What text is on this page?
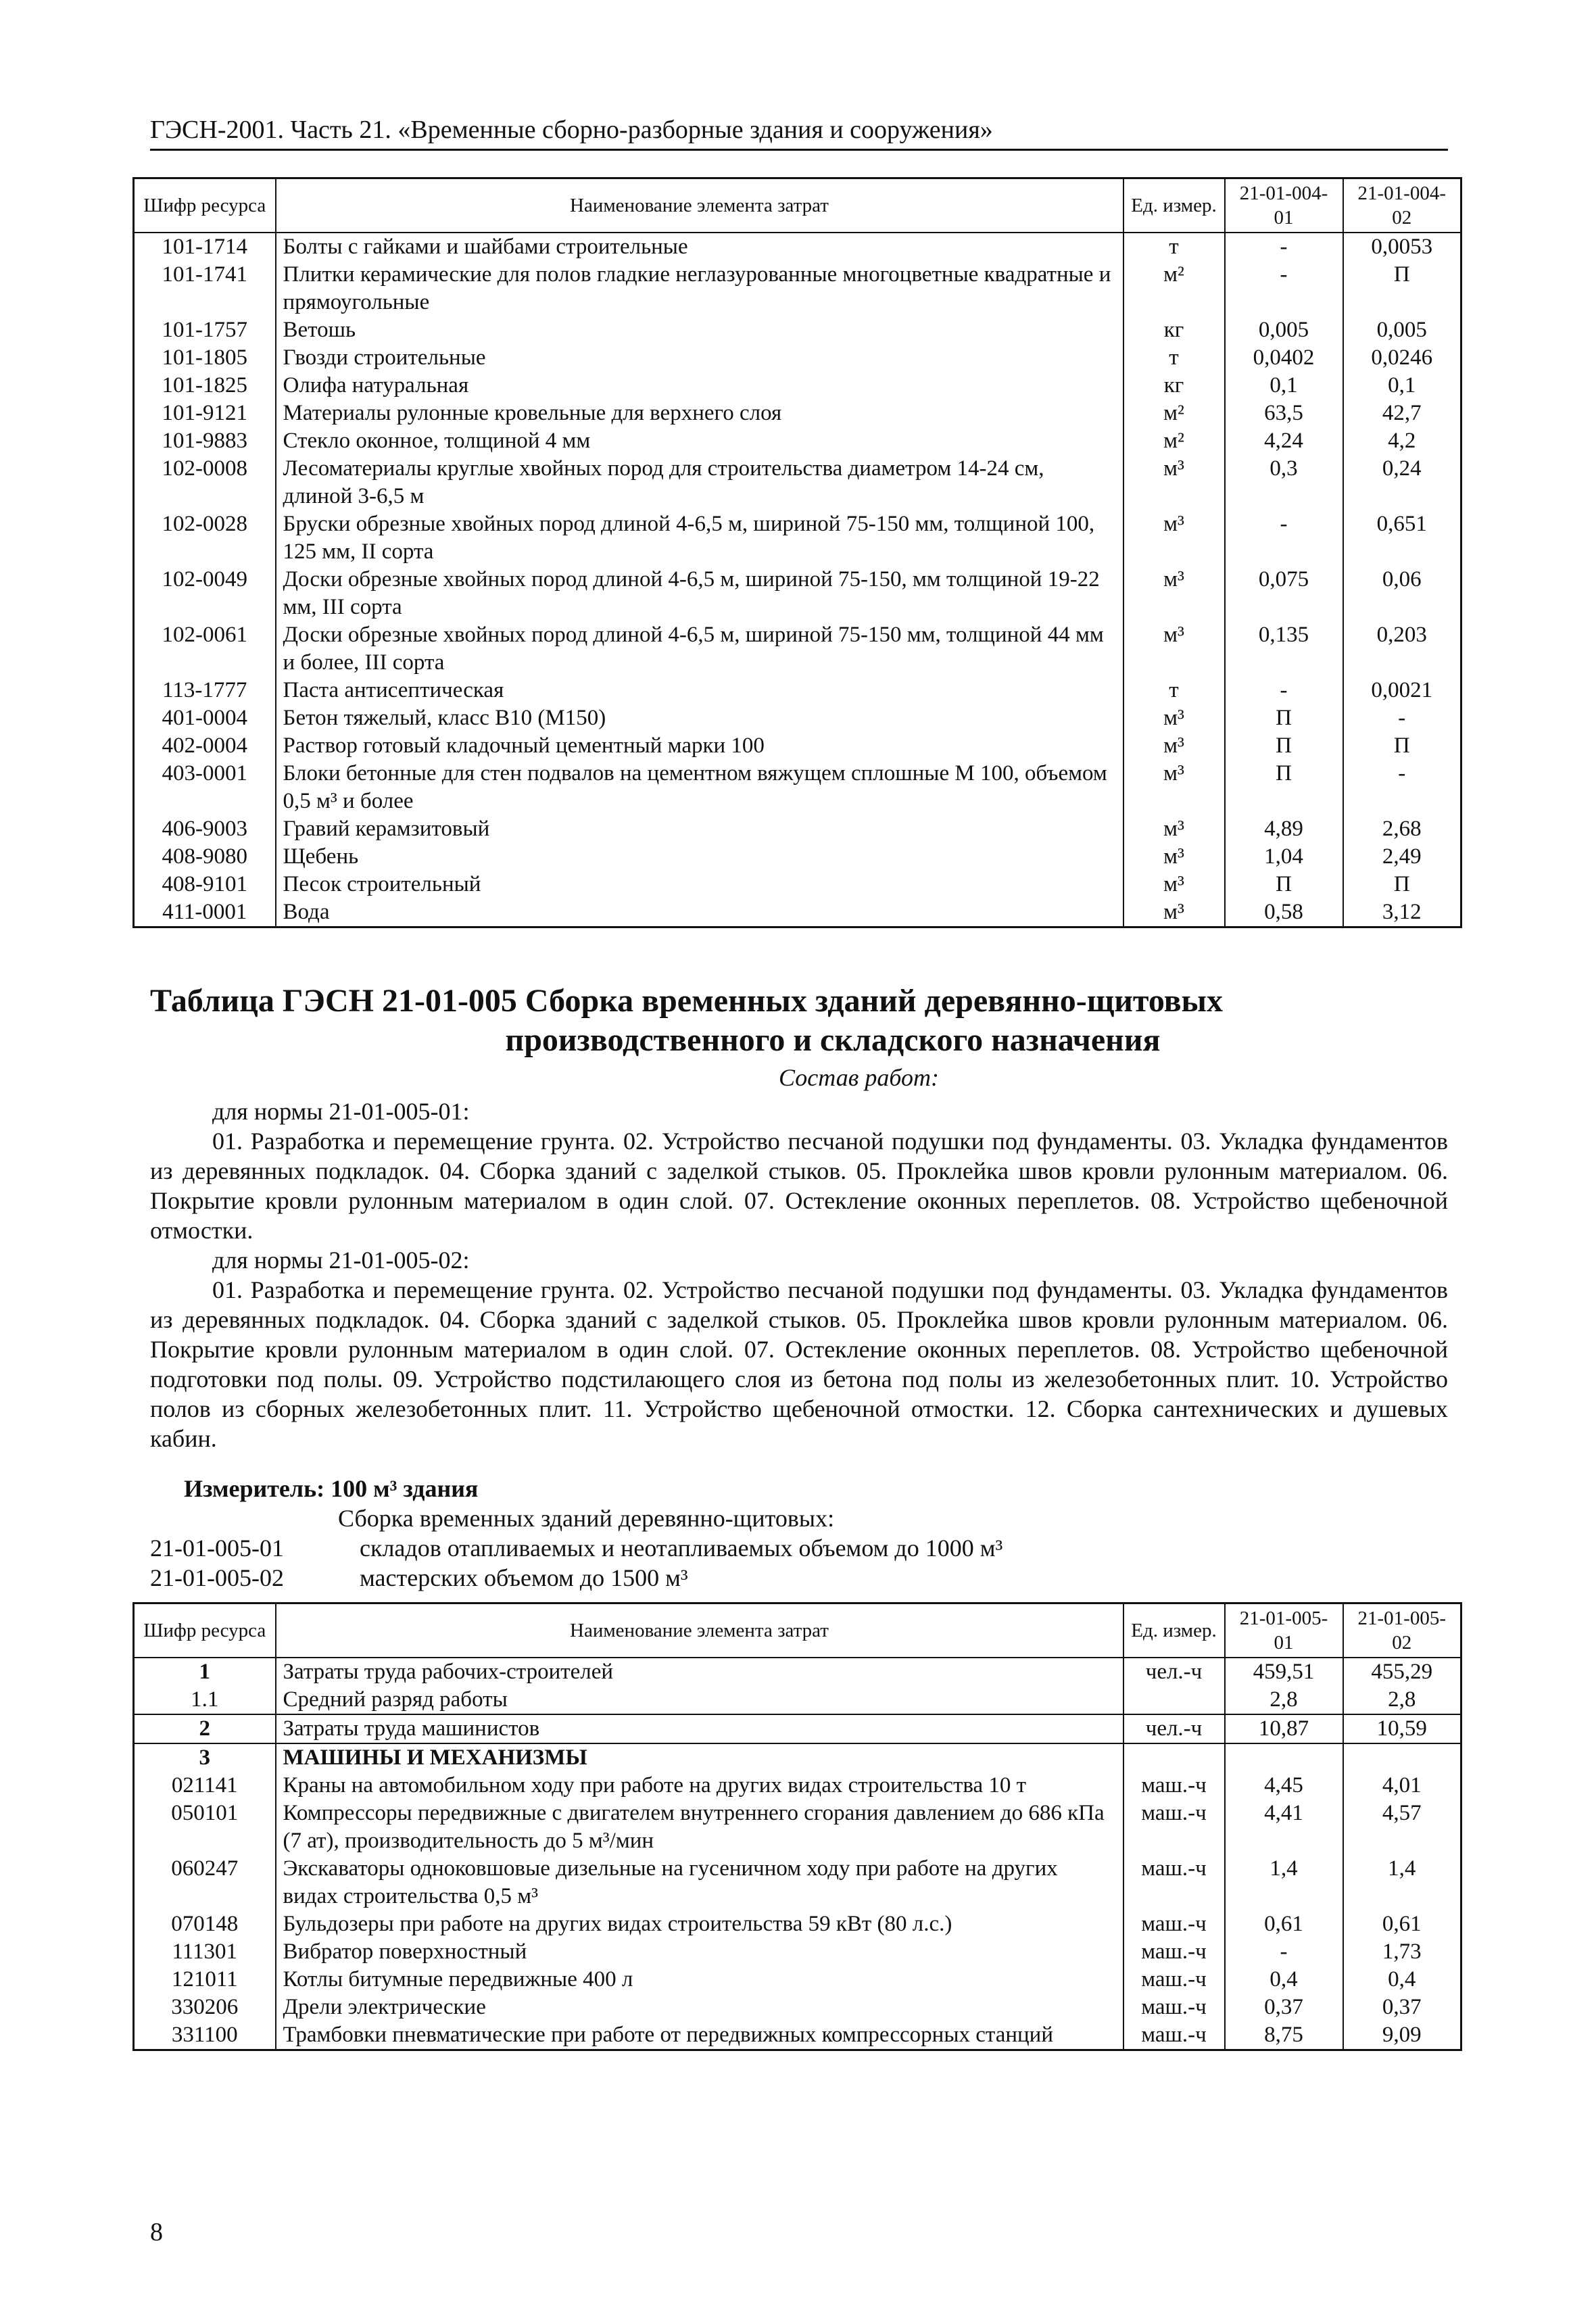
ГЭСН-2001. Часть 21. «Временные сборно-разборные здания и сооружения»
Шифр ресурса	Наименование элемента затрат	Ед. измер.	21-01-004-01	21-01-004-02
101-1714	Болты с гайками и шайбами строительные	т	-	0,0053
101-1741	Плитки керамические для полов гладкие неглазурованные многоцветные квадратные и прямоугольные	м²	-	П
101-1757	Ветошь	кг	0,005	0,005
101-1805	Гвозди строительные	т	0,0402	0,0246
101-1825	Олифа натуральная	кг	0,1	0,1
101-9121	Материалы рулонные кровельные для верхнего слоя	м²	63,5	42,7
101-9883	Стекло оконное, толщиной 4 мм	м²	4,24	4,2
102-0008	Лесоматериалы круглые хвойных пород для строительства диаметром 14-24 см, длиной 3-6,5 м	м³	0,3	0,24
102-0028	Бруски обрезные хвойных пород длиной 4-6,5 м, шириной 75-150 мм, толщиной 100, 125 мм, II сорта	м³	-	0,651
102-0049	Доски обрезные хвойных пород длиной 4-6,5 м, шириной 75-150, мм толщиной 19-22 мм, III сорта	м³	0,075	0,06
102-0061	Доски обрезные хвойных пород длиной 4-6,5 м, шириной 75-150 мм, толщиной 44 мм и более, III сорта	м³	0,135	0,203
113-1777	Паста антисептическая	т	-	0,0021
401-0004	Бетон тяжелый, класс B10 (M150)	м³	П	-
402-0004	Раствор готовый кладочный цементный марки 100	м³	П	П
403-0001	Блоки бетонные для стен подвалов на цементном вяжущем сплошные М 100, объемом 0,5 м³ и более	м³	П	-
406-9003	Гравий керамзитовый	м³	4,89	2,68
408-9080	Щебень	м³	1,04	2,49
408-9101	Песок строительный	м³	П	П
411-0001	Вода	м³	0,58	3,12
Таблица ГЭСН 21-01-005 Сборка временных зданий деревянно-щитовых
производственного и складского назначения
Состав работ:

для нормы 21-01-005-01:

01. Разработка и перемещение грунта. 02. Устройство песчаной подушки под фундаменты. 03. Укладка фундаментов из деревянных подкладок. 04. Сборка зданий с заделкой стыков. 05. Проклейка швов кровли рулонным материалом. 06. Покрытие кровли рулонным материалом в один слой. 07. Остекление оконных переплетов. 08. Устройство щебеночной отмостки.

для нормы 21-01-005-02:

01. Разработка и перемещение грунта. 02. Устройство песчаной подушки под фундаменты. 03. Укладка фундаментов из деревянных подкладок. 04. Сборка зданий с заделкой стыков. 05. Проклейка швов кровли рулонным материалом. 06. Покрытие кровли рулонным материалом в один слой. 07. Остекление оконных переплетов. 08. Устройство щебеночной подготовки под полы. 09. Устройство подстилающего слоя из бетона под полы из железобетонных плит. 10. Устройство полов из сборных железобетонных плит. 11. Устройство щебеночной отмостки. 12. Сборка сантехнических и душевых кабин.

Измеритель: 100 м³ здания
Сборка временных зданий деревянно-щитовых:
21-01-005-01	складов отапливаемых и неотапливаемых объемом до 1000 м³
21-01-005-02	мастерских объемом до 1500 м³
Шифр ресурса	Наименование элемента затрат	Ед. измер.	21-01-005-01	21-01-005-02
1	Затраты труда рабочих-строителей	чел.-ч	459,51	455,29
1.1	Средний разряд работы		2,8	2,8
2	Затраты труда машинистов	чел.-ч	10,87	10,59
3	МАШИНЫ И МЕХАНИЗМЫ			
021141	Краны на автомобильном ходу при работе на других видах строительства 10 т	маш.-ч	4,45	4,01
050101	Компрессоры передвижные с двигателем внутреннего сгорания давлением до 686 кПа (7 ат), производительность до 5 м³/мин	маш.-ч	4,41	4,57
060247	Экскаваторы одноковшовые дизельные на гусеничном ходу при работе на других видах строительства 0,5 м³	маш.-ч	1,4	1,4
070148	Бульдозеры при работе на других видах строительства 59 кВт (80 л.с.)	маш.-ч	0,61	0,61
111301	Вибратор поверхностный	маш.-ч	-	1,73
121011	Котлы битумные передвижные 400 л	маш.-ч	0,4	0,4
330206	Дрели электрические	маш.-ч	0,37	0,37
331100	Трамбовки пневматические при работе от передвижных компрессорных станций	маш.-ч	8,75	9,09
8
